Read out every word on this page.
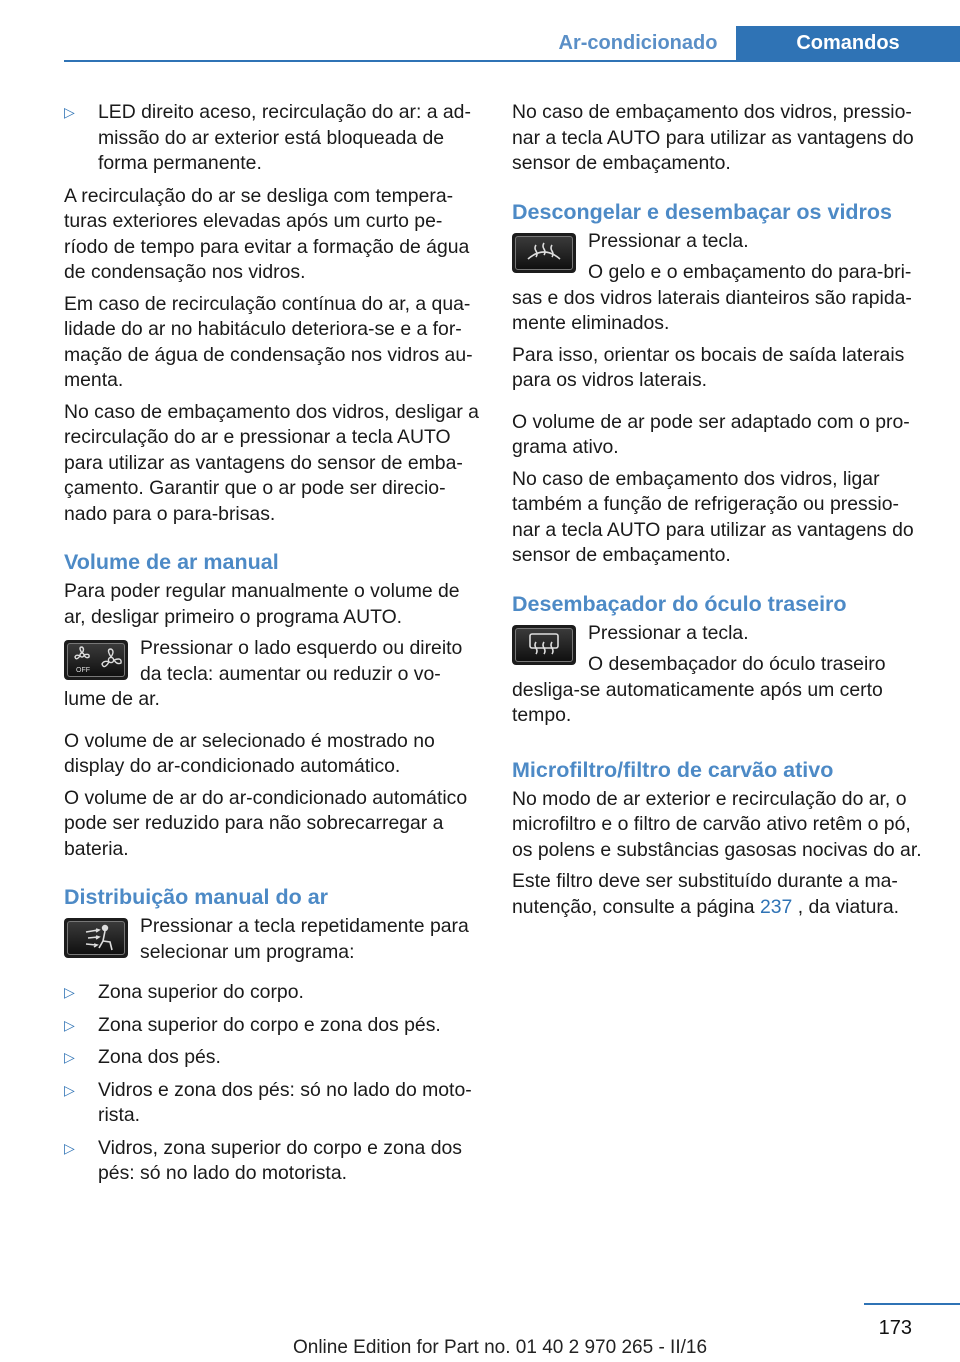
Ar-condicionado	Comandos
▷ LED direito aceso, recirculação do ar: a ad-missão do ar exterior está bloqueada de forma permanente.

A recirculação do ar se desliga com tempera-turas exteriores elevadas após um curto pe-ríodo de tempo para evitar a formação de água de condensação nos vidros.

Em caso de recirculação contínua do ar, a qua-lidade do ar no habitáculo deteriora-se e a for-mação de água de condensação nos vidros au-menta.

No caso de embaçamento dos vidros, desligar a recirculação do ar e pressionar a tecla AUTO para utilizar as vantagens do sensor de emba-çamento. Garantir que o ar pode ser direcio-nado para o para-brisas.

Volume de ar manual

Para poder regular manualmente o volume de ar, desligar primeiro o programa AUTO.

OFF

Pressionar o lado esquerdo ou direito da tecla: aumentar ou reduzir o vo-lume de ar.

O volume de ar selecionado é mostrado no display do ar-condicionado automático.

O volume de ar do ar-condicionado automático pode ser reduzido para não sobrecarregar a bateria.

Distribuição manual do ar

Pressionar a tecla repetidamente para selecionar um programa:

▷ Zona superior do corpo.
▷ Zona superior do corpo e zona dos pés.
▷ Zona dos pés.
▷ Vidros e zona dos pés: só no lado do moto-rista.
▷ Vidros, zona superior do corpo e zona dos pés: só no lado do motorista.

No caso de embaçamento dos vidros, pressio-nar a tecla AUTO para utilizar as vantagens do sensor de embaçamento.

Descongelar e desembaçar os vidros

Pressionar a tecla.

O gelo e o embaçamento do para-bri-sas e dos vidros laterais dianteiros são rapida-mente eliminados.

Para isso, orientar os bocais de saída laterais para os vidros laterais.

O volume de ar pode ser adaptado com o pro-grama ativo.

No caso de embaçamento dos vidros, ligar também a função de refrigeração ou pressio-nar a tecla AUTO para utilizar as vantagens do sensor de embaçamento.

Desembaçador do óculo traseiro

Pressionar a tecla.

O desembaçador do óculo traseiro desliga-se automaticamente após um certo tempo.

Microfiltro/filtro de carvão ativo

No modo de ar exterior e recirculação do ar, o microfiltro e o filtro de carvão ativo retêm o pó, os polens e substâncias gasosas nocivas do ar.

Este filtro deve ser substituído durante a ma-nutenção, consulte a página 237 , da viatura.

173
Online Edition for Part no. 01 40 2 970 265 - II/16
